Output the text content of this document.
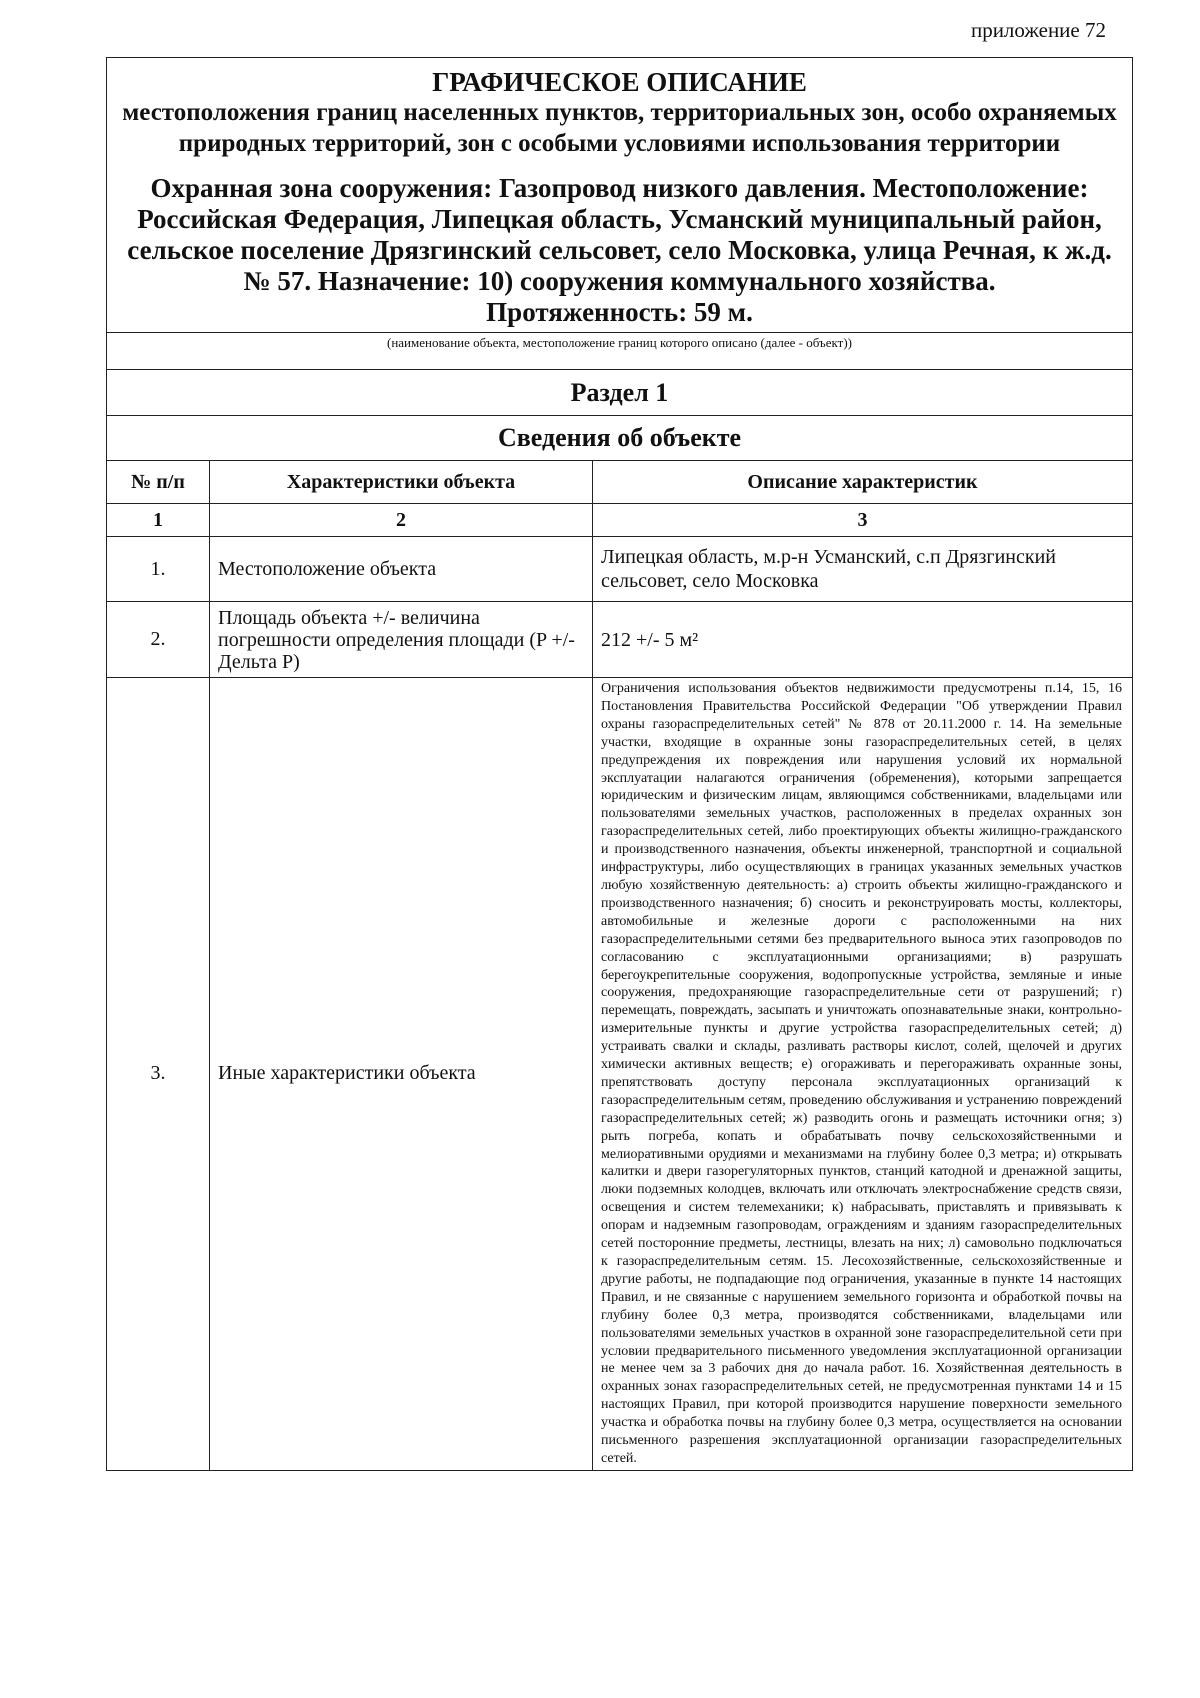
приложение 72
ГРАФИЧЕСКОЕ ОПИСАНИЕ
местоположения границ населенных пунктов, территориальных зон, особо охраняемых природных территорий, зон с особыми условиями использования территории
Охранная зона сооружения: Газопровод низкого давления. Местоположение: Российская Федерация, Липецкая область, Усманский муниципальный район, сельское поселение Дрязгинский сельсовет, село Московка, улица Речная, к ж.д. № 57. Назначение: 10) сооружения коммунального хозяйства.
Протяженность: 59 м.
(наименование объекта, местоположение границ которого описано (далее - объект))
Раздел 1
Сведения об объекте
№ п/п	Характеристики объекта	Описание характеристик
1	2	3
1.	Местоположение объекта	Липецкая область, м.р-н Усманский, с.п Дрязгинский сельсовет, село Московка
2.	Площадь объекта +/- величина погрешности определения площади (P +/- Дельта P)	212 +/- 5 м²
3.	Иные характеристики объекта	Ограничения использования объектов недвижимости предусмотрены п.14, 15, 16 Постановления Правительства Российской Федерации "Об утверждении Правил охраны газораспределительных сетей" № 878 от 20.11.2000 г. 14. На земельные участки, входящие в охранные зоны газораспределительных сетей, в целях предупреждения их повреждения или нарушения условий их нормальной эксплуатации налагаются ограничения (обременения), которыми запрещается юридическим и физическим лицам, являющимся собственниками, владельцами или пользователями земельных участков, расположенных в пределах охранных зон газораспределительных сетей, либо проектирующих объекты жилищно-гражданского и производственного назначения, объекты инженерной, транспортной и социальной инфраструктуры, либо осуществляющих в границах указанных земельных участков любую хозяйственную деятельность: а) строить объекты жилищно-гражданского и производственного назначения; б) сносить и реконструировать мосты, коллекторы, автомобильные и железные дороги с расположенными на них газораспределительными сетями без предварительного выноса этих газопроводов по согласованию с эксплуатационными организациями; в) разрушать берегоукрепительные сооружения, водопропускные устройства, земляные и иные сооружения, предохраняющие газораспределительные сети от разрушений; г) перемещать, повреждать, засыпать и уничтожать опознавательные знаки, контрольно-измерительные пункты и другие устройства газораспределительных сетей; д) устраивать свалки и склады, разливать растворы кислот, солей, щелочей и других химически активных веществ; е) огораживать и перегораживать охранные зоны, препятствовать доступу персонала эксплуатационных организаций к газораспределительным сетям, проведению обслуживания и устранению повреждений газораспределительных сетей; ж) разводить огонь и размещать источники огня; з) рыть погреба, копать и обрабатывать почву сельскохозяйственными и мелиоративными орудиями и механизмами на глубину более 0,3 метра; и) открывать калитки и двери газорегуляторных пунктов, станций катодной и дренажной защиты, люки подземных колодцев, включать или отключать электроснабжение средств связи, освещения и систем телемеханики; к) набрасывать, приставлять и привязывать к опорам и надземным газопроводам, ограждениям и зданиям газораспределительных сетей посторонние предметы, лестницы, влезать на них; л) самовольно подключаться к газораспределительным сетям. 15. Лесохозяйственные, сельскохозяйственные и другие работы, не подпадающие под ограничения, указанные в пункте 14 настоящих Правил, и не связанные с нарушением земельного горизонта и обработкой почвы на глубину более 0,3 метра, производятся собственниками, владельцами или пользователями земельных участков в охранной зоне газораспределительной сети при условии предварительного письменного уведомления эксплуатационной организации не менее чем за 3 рабочих дня до начала работ. 16. Хозяйственная деятельность в охранных зонах газораспределительных сетей, не предусмотренная пунктами 14 и 15 настоящих Правил, при которой производится нарушение поверхности земельного участка и обработка почвы на глубину более 0,3 метра, осуществляется на основании письменного разрешения эксплуатационной организации газораспределительных сетей.
